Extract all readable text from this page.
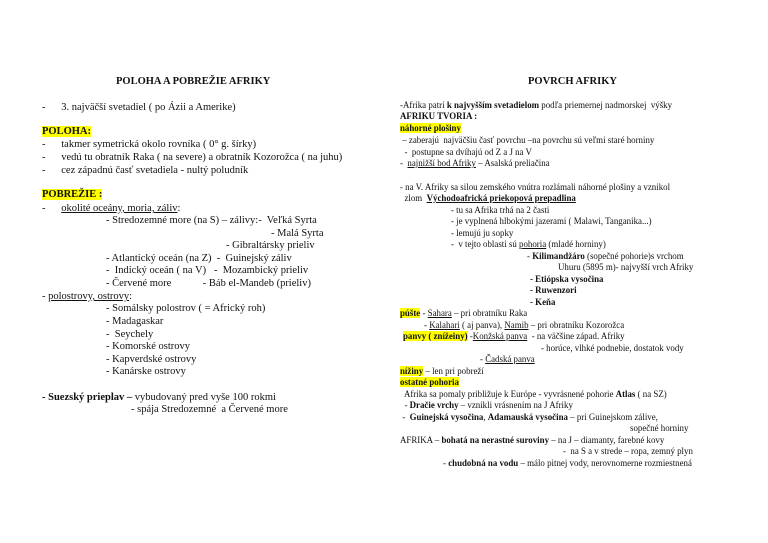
POLOHA A POBREŽIE AFRIKY
-      3. najväčší svetadiel ( po Ázii a Amerike)
POLOHA:
-      takmer symetrická okolo rovníka ( 0° g. šírky)
-      vedú tu obratník Raka ( na severe) a obratník Kozorožca ( na juhu)
-      cez západnú časť svetadiela - nultý poludník
POBREŽIE :
-      okolité oceány, moria, záliv:
- Stredozemné more (na S) – zálivy:-  Veľká Syrta
- Malá Syrta
- Gibraltársky prieliv
- Atlantický oceán (na Z)  -  Guinejský záliv
-  Indický oceán ( na V)   -  Mozambický prieliv
- Červené more            - Báb el-Mandeb (prieliv)
- polostrovy, ostrovy:
- Somálsky polostrov ( = Africký roh)
- Madagaskar
-  Seychely
- Komorské ostrovy
- Kapverdské ostrovy
- Kanárske ostrovy
- Suezský prieplav – vybudovaný pred vyše 100 rokmi
- spája Stredozemné  a Červené more
POVRCH AFRIKY
-Afrika patrí k najvyšším svetadielom podľa priemernej nadmorskej  výšky
AFRIKU TVORIA :
náhorné plošiny
– zaberajú  najväčšiu časť povrchu –na povrchu sú veľmi staré horniny
-  postupne sa dvíhajú od Z a J na V
-  najnižší bod Afriky – Asalská preliačina
- na V. Afriky sa silou zemského vnútra rozlámali náhorné plošiny a vznikol
zlom  Východoafrická priekopová prepadlina
- tu sa Afrika trhá na 2 časti
- je vyplnená hlbokými jazerami ( Malawi, Tanganika...)
- lemujú ju sopky
-  v tejto oblasti sú pohoria (mladé horniny)
- Kilimandžáro (sopečné pohorie)s vrchom
Uhuru (5895 m)- najvyšší vrch Afriky
- Etiópska vysočina
- Ruwenzori
- Keňa
púšte - Sahara – pri obratníku Raka
- Kalahari ( aj panva), Namib – pri obratníku Kozorožca
panvy ( znížeiny) -Konžská panva  - na väčšine západ. Afriky
- horúce, vlhké podnebie, dostatok vody
- Čadská panva
nížiny – len pri pobreží
ostatné pohoria
Afrika sa pomaly približuje k Európe - vyvrásnené pohorie Atlas ( na SZ)
- Dračie vrchy – vznikli vrásnením na J Afriky
-  Guinejská vysočina, Adamauská vysočina – pri Guinejskom zálive,
sopečné horniny
AFRIKA – bohatá na nerastné suroviny – na J – diamanty, farebné kovy
-  na S a v strede – ropa, zemný plyn
- chudobná na vodu – málo pitnej vody, nerovnomerne rozmiestnená
